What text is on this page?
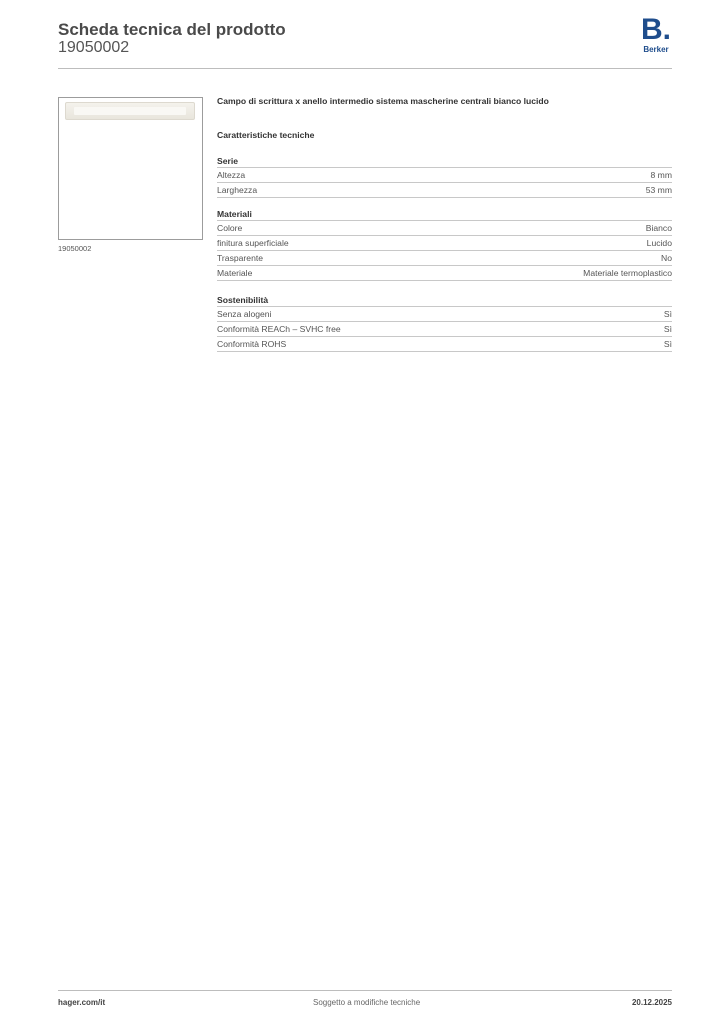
Scheda tecnica del prodotto
19050002
B.
Berker
19050002
Campo di scrittura x anello intermedio sistema mascherine centrali bianco lucido
Caratteristiche tecniche
Serie
Altezza	8 mm
Larghezza	53 mm
Materiali
Colore	Bianco
finitura superficiale	Lucido
Trasparente	No
Materiale	Materiale termoplastico
Sostenibilità
Senza alogeni	Sì
Conformità REACh – SVHC free	Sì
Conformità ROHS	Sì
hager.com/it	Soggetto a modifiche tecniche	20.12.2025
